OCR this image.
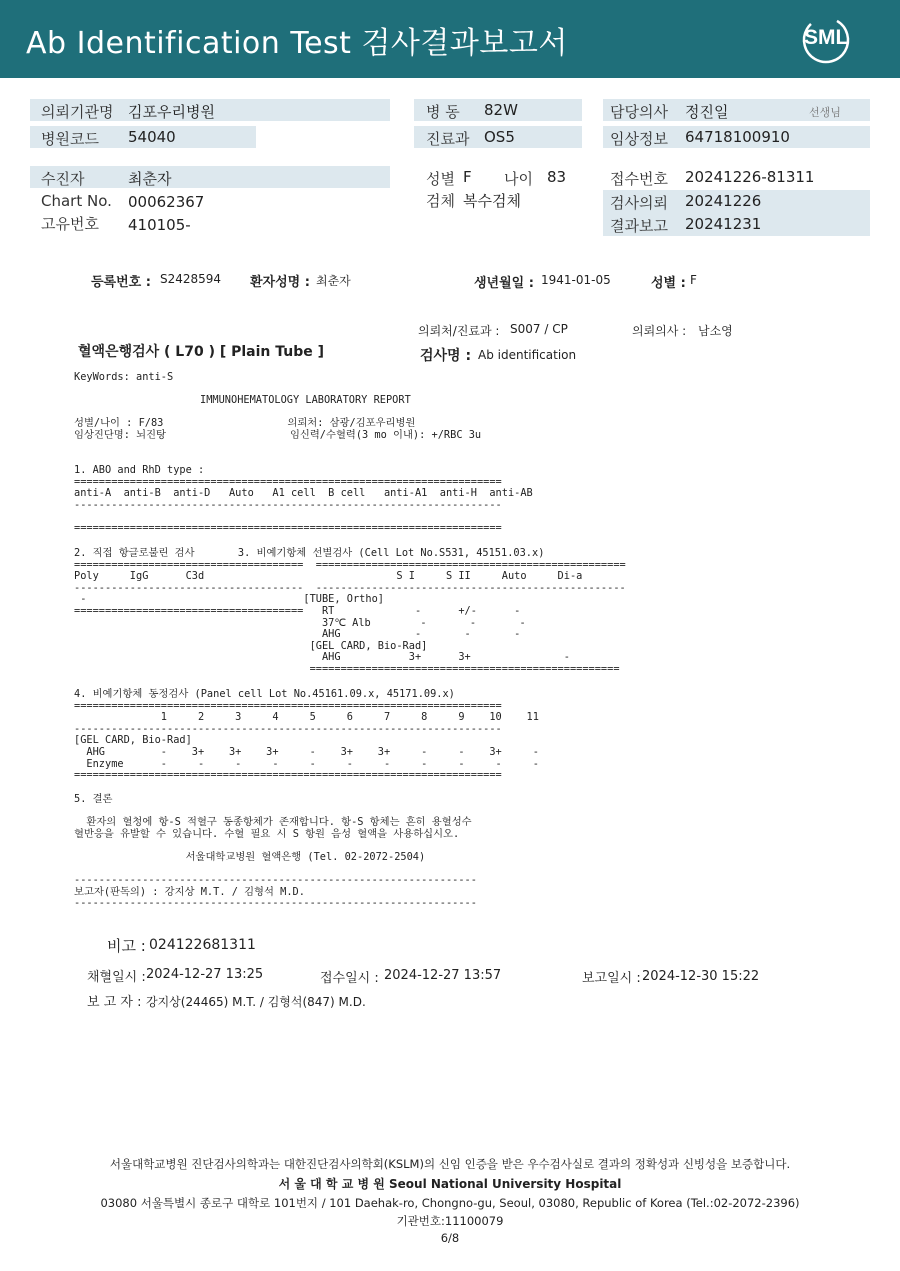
Ab Identification Test 검사결과보고서	SML
의뢰기관명 김포우리병원
병원코드 54040
병 동 82W
진료과 OS5
담당의사 정진일	선생님
임상정보 64718100910
수진자	최춘자
Chart No. 00062367
고유번호 410105-
성별 F 나이 83
검체 복수검체
접수번호 20241226-81311
검사의뢰 20241226
결과보고 20241231
등록번호 : S2428594 환자성명 : 최춘자	생년월일 : 1941-01-05	성별 : F
의뢰처/진료과 : S007 / CP	의뢰의사 : 남소영
혈액은행검사 ( L70 ) [ Plain Tube ]	검사명 : Ab identification
KeyWords: anti-S
IMMUNOHEMATOLOGY LABORATORY REPORT
성별/나이 : F/83                    의뢰처: 삼광/김포우리병원
임상진단명: 뇌진탕                    임신력/수혈력(3 mo 이내): +/RBC 3u
1. ABO and RhD type :
=====================================================================
anti-A  anti-B  anti-D   Auto   A1 cell  B cell   anti-A1  anti-H  anti-AB
---------------------------------------------------------------------

=====================================================================
2. 직접 항글로불린 검사       3. 비예기항체 선별검사 (Cell Lot No.S531, 45151.03.x)
=====================================  ==================================================
Poly     IgG      C3d                               S I     S II     Auto     Di-a
-------------------------------------  --------------------------------------------------
-                                   [TUBE, Ortho]
=====================================   RT             -      +/-      -
37℃ Alb        -       -       -
AHG            -       -       -
[GEL CARD, Bio-Rad]
AHG           3+      3+               -
==================================================
4. 비예기항체 동정검사 (Panel cell Lot No.45161.09.x, 45171.09.x)
=====================================================================
1     2     3     4     5     6     7     8     9    10    11
---------------------------------------------------------------------
[GEL CARD, Bio-Rad]
AHG         -    3+    3+    3+     -    3+    3+     -     -    3+     -
Enzyme      -     -     -     -     -     -     -     -     -     -     -
=====================================================================
5. 결론

환자의 혈청에 항-S 적혈구 동종항체가 존재합니다. 항-S 항체는 흔히 용혈성수
혈반응을 유발할 수 있습니다. 수혈 필요 시 S 항원 음성 혈액을 사용하십시오.

서울대학교병원 혈액은행 (Tel. 02-2072-2504)

-----------------------------------------------------------------
보고자(판독의) : 강지상 M.T. / 김형석 M.D.
-----------------------------------------------------------------
비고 : 024122681311
채혈일시 : 2024-12-27 13:25	접수일시 : 2024-12-27 13:57	보고일시 : 2024-12-30 15:22
보 고 자 : 강지상(24465) M.T. / 김형석(847) M.D.
서울대학교병원 진단검사의학과는 대한진단검사의학회(KSLM)의 신임 인증을 받은 우수검사실로 결과의 정확성과 신빙성을 보증합니다.
서 울 대 학 교 병 원 Seoul National University Hospital
03080 서울특별시 종로구 대학로 101번지 / 101 Daehak-ro, Chongno-gu, Seoul, 03080, Republic of Korea (Tel.:02-2072-2396)
기관번호:11100079
6/8
